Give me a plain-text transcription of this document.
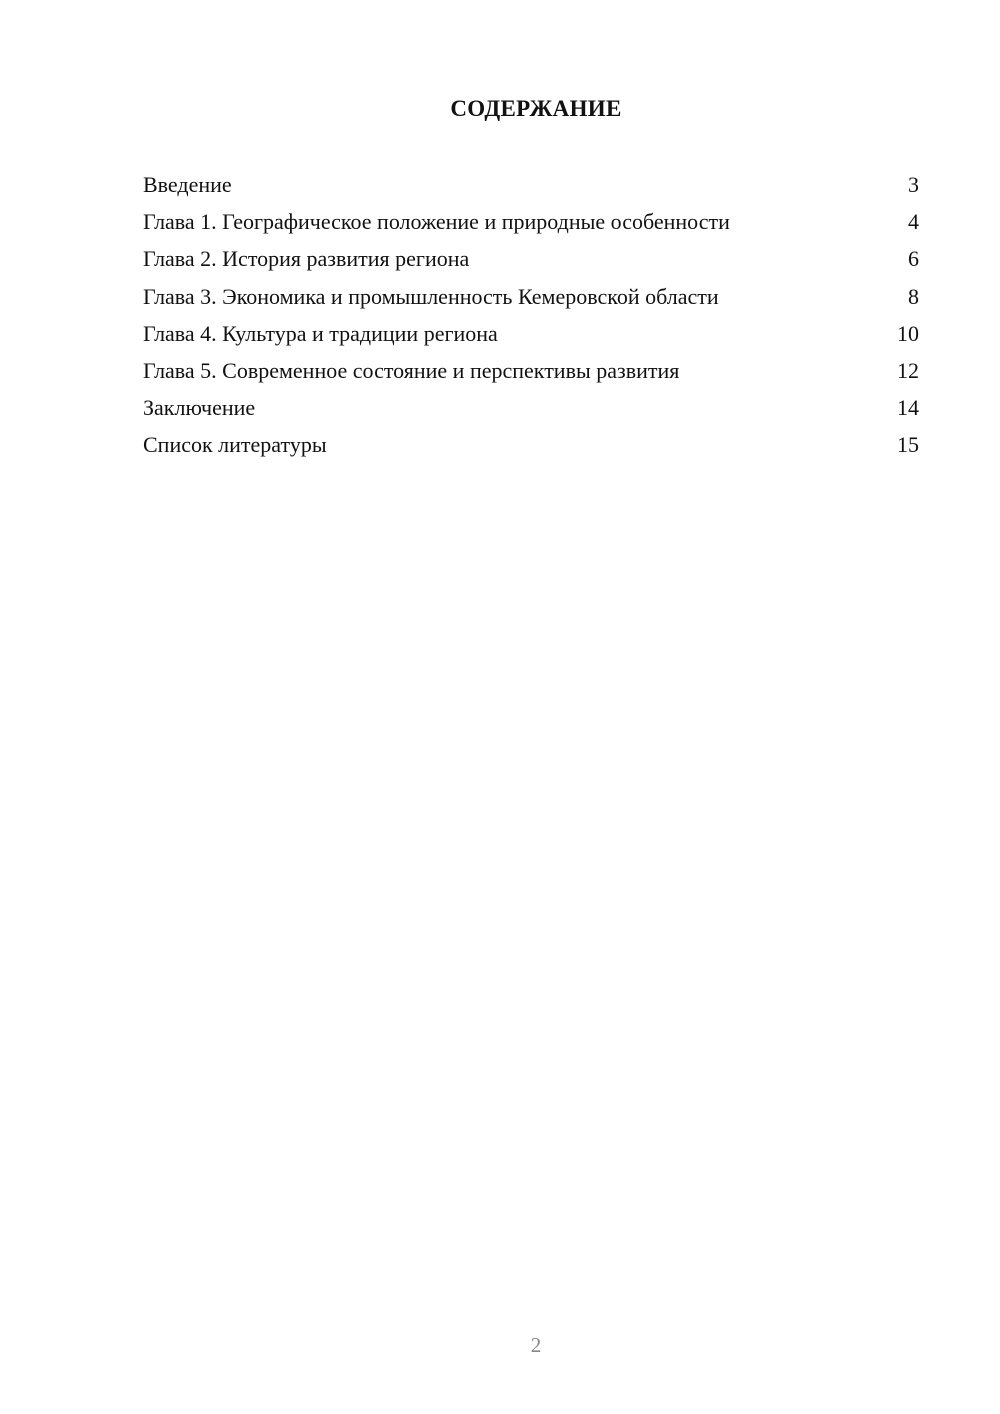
СОДЕРЖАНИЕ
Введение	3
Глава 1. Географическое положение и природные особенности	4
Глава 2. История развития региона	6
Глава 3. Экономика и промышленность Кемеровской области	8
Глава 4. Культура и традиции региона	10
Глава 5. Современное состояние и перспективы развития	12
Заключение	14
Список литературы	15
2
